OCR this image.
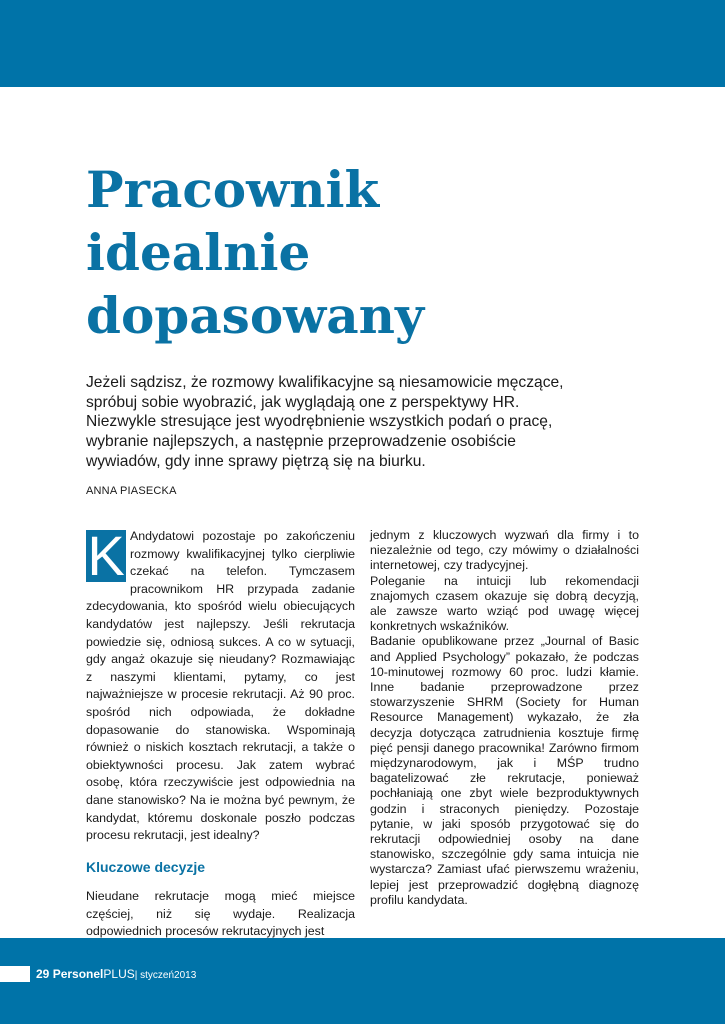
Pracownik
idealnie
dopasowany
Jeżeli sądzisz, że rozmowy kwalifikacyjne są niesamowicie męczące,
spróbuj sobie wyobrazić, jak wyglądają one z perspektywy HR.
Niezwykle stresujące jest wyodrębnienie wszystkich podań o pracę,
wybranie najlepszych, a następnie przeprowadzenie osobiście
wywiadów, gdy inne sprawy piętrzą się na biurku.
ANNA PIASECKA

K Andydatowi pozostaje po zakończeniu rozmowy kwalifikacyjnej tylko cierpliwie czekać na telefon. Tymczasem pracownikom HR przypada zadanie zdecydowania, kto spośród wielu obiecujących kandydatów jest najlepszy. Jeśli rekrutacja powiedzie się, odniosą sukces. A co w sytuacji, gdy angaż okazuje się nieudany? Rozmawiając z naszymi klientami, pytamy, co jest najważniejsze w procesie rekrutacji. Aż 90 proc. spośród nich odpowiada, że dokładne dopasowanie do stanowiska. Wspominają również o niskich kosztach rekrutacji, a także o obiektywności procesu. Jak zatem wybrać osobę, która rzeczywiście jest odpowiednia na dane stanowisko? Na ie można być pewnym, że kandydat, któremu doskonale poszło podczas procesu rekrutacji, jest idealny?

Kluczowe decyzje

Nieudane rekrutacje mogą mieć miejsce częściej, niż się wydaje. Realizacja odpowiednich procesów rekrutacyjnych jest

jednym z kluczowych wyzwań dla firmy i to niezależnie od tego, czy mówimy o działalności internetowej, czy tradycyjnej.

Poleganie na intuicji lub rekomendacji znajomych czasem okazuje się dobrą decyzją, ale zawsze warto wziąć pod uwagę więcej konkretnych wskaźników.

Badanie opublikowane przez „Journal of Basic and Applied Psychology” pokazało, że podczas 10-minutowej rozmowy 60 proc. ludzi kłamie. Inne badanie przeprowadzone przez stowarzyszenie SHRM (Society for Human Resource Management) wykazało, że zła decyzja dotycząca zatrudnienia kosztuje firmę pięć pensji danego pracownika! Zarówno firmom międzynarodowym, jak i MŚP trudno bagatelizować złe rekrutacje, ponieważ pochłaniają one zbyt wiele bezproduktywnych godzin i straconych pieniędzy. Pozostaje pytanie, w jaki sposób przygotować się do rekrutacji odpowiedniej osoby na dane stanowisko, szczególnie gdy sama intuicja nie wystarcza? Zamiast ufać pierwszemu wrażeniu, lepiej jest przeprowadzić dogłębną diagnozę profilu kandydata.

29 PersonelPLUS| styczeń2013
